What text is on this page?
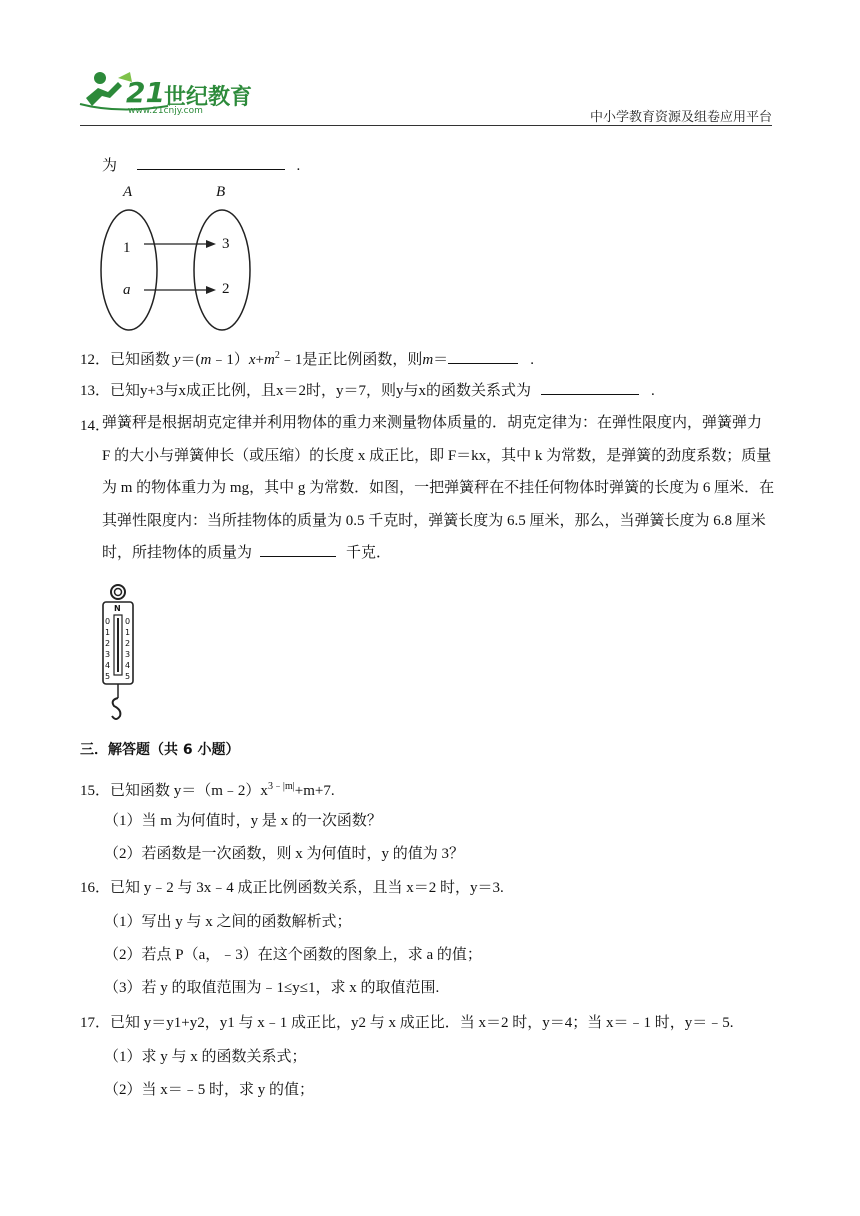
21 世纪教育
www.21cnjy.com	中小学教育资源及组卷应用平台
为	.
A	B
1
a
3
2
12．已知函数 $y=(m﹣1)x+m^2﹣1$是正比例函数，则m＝	.
13．已知y+3与x成正比例，且x＝2时，y＝7，则y与x的函数关系式为	.
14．
弹簧秤是根据胡克定律并利用物体的重力来测量物体质量的．胡克定律为：在弹性限度内，弹簧弹力
F 的大小与弹簧伸长（或压缩）的长度 x 成正比，即 F＝kx，其中 k 为常数，是弹簧的劲度系数；质量
为 m 的物体重力为 mg，其中 g 为常数．如图，一把弹簧秤在不挂任何物体时弹簧的长度为 6 厘米．在
其弹性限度内：当所挂物体的质量为 0.5 千克时，弹簧长度为 6.5 厘米，那么，当弹簧长度为 6.8 厘米
时，所挂物体的质量为	千克．
N
0
1
2
3
4
5
0
1
2
3
4
5
三．解答题（共 6 小题）
15．已知函数 $y=(m﹣2)x^{3﹣|m|}+m+7$.
（1）当 m 为何值时，y 是 x 的一次函数？
（2）若函数是一次函数，则 x 为何值时，y 的值为 3？
16．已知 y﹣2 与 3x﹣4 成正比例函数关系，且当 x＝2 时，y＝3.
（1）写出 y 与 x 之间的函数解析式；
（2）若点 P（a，﹣3）在这个函数的图象上，求 a 的值；
（3）若 y 的取值范围为﹣1≤y≤1，求 x 的取值范围.
17．已知 y＝y1+y2，y1 与 x﹣1 成正比，y2 与 x 成正比．当 x＝2 时，y＝4；当 x＝﹣1 时，y＝﹣5.
（1）求 y 与 x 的函数关系式；
（2）当 x＝﹣5 时，求 y 的值；
